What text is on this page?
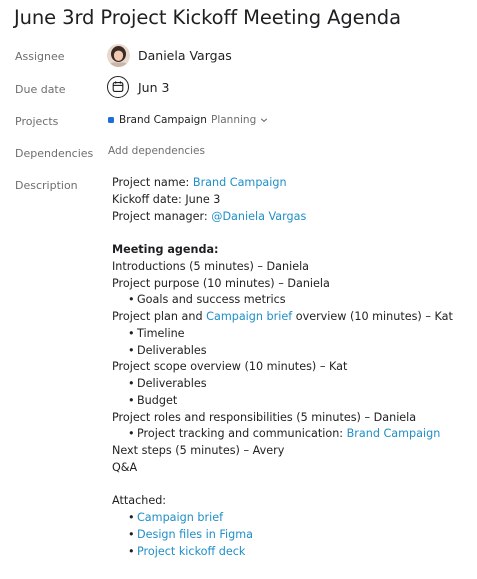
June 3rd Project Kickoff Meeting Agenda
Assignee	Daniela Vargas
Due date	Jun 3
Projects	Brand Campaign Planning
Dependencies Add dependencies
Description	Project name: Brand Campaign
Kickoff date: June 3
Project manager: @Daniela Vargas
Meeting agenda:
Introductions (5 minutes) – Daniela
Project purpose (10 minutes) – Daniela
• Goals and success metrics
Project plan and Campaign brief overview (10 minutes) – Kat
• Timeline
• Deliverables
Project scope overview (10 minutes) – Kat
• Deliverables
• Budget
Project roles and responsibilities (5 minutes) – Daniela
• Project tracking and communication: Brand Campaign
Next steps (5 minutes) – Avery
Q&A
Attached:
• Campaign brief
• Design files in Figma
• Project kickoff deck
